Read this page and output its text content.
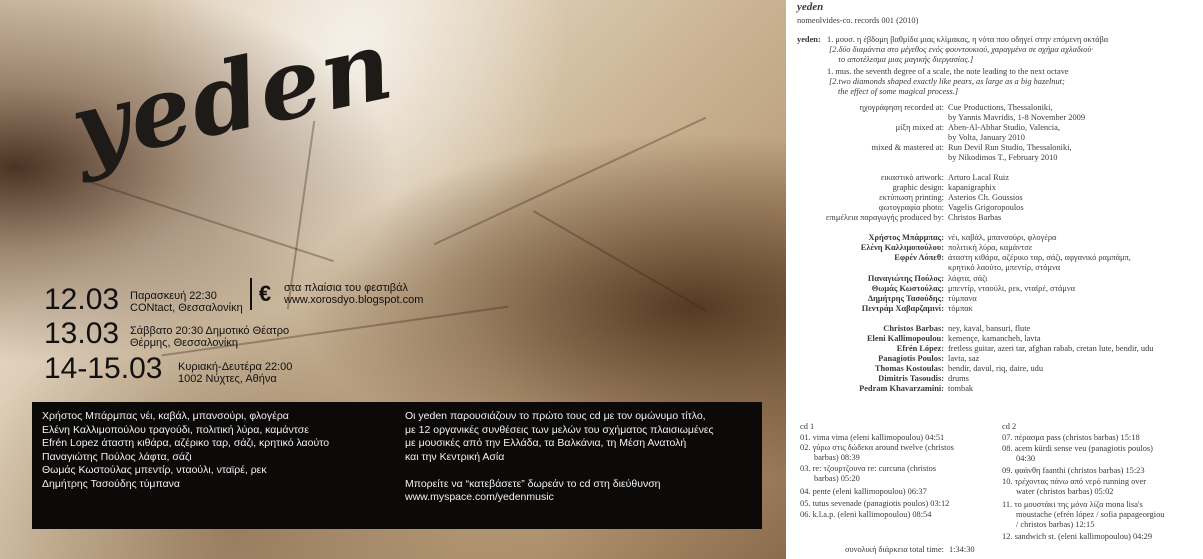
yeden
12.03 Παρασκευή 22:30
CONtact, Θεσσαλονίκη
13.03 Σάββατο 20:30 Δημοτικό Θέατρο
Θέρμης, Θεσσαλονίκη
14-15.03 Κυριακή-Δευτέρα 22:00
1002 Νύχτες, Αθήνα
€	στα πλαίσια του φεστιβάλ
www.xorosdyo.blogspot.com
Χρήστος Μπάρμπας νέι, καβάλ, μπανσούρι, φλογέρα
Ελένη Καλλιμοπούλου τραγούδι, πολιτική λύρα, καμάντσε
Efrén Lopez άταστη κιθάρα, αζέρικο ταρ, σάζι, κρητικό λαούτο
Παναγιώτης Πούλος λάφτα, σάζι
Θωμάς Κωστούλας μπεντίρ, νταούλι, νταϊρέ, ρεκ
Δημήτρης Τασούδης τύμπανα
Οι yeden παρουσιάζουν το πρώτο τους cd με τον ομώνυμο τίτλο,
με 12 οργανικές συνθέσεις των μελών του σχήματος πλαισιωμένες
με μουσικές από την Ελλάδα, τα Βαλκάνια, τη Μέση Ανατολή
και την Κεντρική Ασία
Μπορείτε να “κατεβάσετε” δωρεάν το cd στη διεύθυνση
www.myspace.com/yedenmusic
yeden
nomeolvides-co. records 001 (2010)
yeden: 1. μουσ. η έβδομη βαθμίδα μιας κλίμακας, η νότα που οδηγεί στην επόμενη οκτάβα
[2.δύο διαμάντια στο μέγεθος ενός φουντουκιού, χαραγμένα σε σχήμα αχλαδιού·
το αποτέλεσμα μιας μαγικής διεργασίας.]
1. mus. the seventh degree of a scale, the note leading to the next octave
[2.two diamonds shaped exactly like pears, as large as a big hazelnut;
the effect of some magical process.]
ηχογράφηση recorded at: Cue Productions, Thessaloniki,
by Yannis Mavridis, 1-8 November 2009
μίξη mixed at: Aben-Al-Abbar Studio, Valencia,
by Volta, January 2010
mixed & mastered at: Run Devil Run Studio, Thessaloniki,
by Nikodimos T., February 2010
εικαστικό artwork: Arturo Lacal Ruiz
graphic design: kapanigraphix
εκτύπωση printing: Asterios Ch. Goussios
φωτογραφία photo: Vagelis Grigoropoulos
επιμέλεια παραγωγής produced by: Christos Barbas
Χρήστος Μπάρμπας: νέι, καβάλ, μπανσούρι, φλογέρα
Ελένη Καλλιμοπούλου: πολιτική λύρα, καμάντσε
Εφρέν Λόπεθ: άταστη κιθάρα, αζέρικο ταρ, σάζι, αφγανικό ραμπάμπ,
κρητικό λαούτο, μπεντίρ, στάμνα
Παναγιώτης Πούλος: λάφτα, σάζι
Θωμάς Κωστούλας: μπεντίρ, νταούλι, ρεκ, νταϊρέ, στάμνα
Δημήτρης Τασούδης: τύμπανα
Πεντράμ Χαβαρζαμινί: τόμπακ
Christos Barbas: ney, kaval, bansuri, flute
Eleni Kallimopoulou: kemençe, kamancheh, lavta
Efrén López: fretless guitar, azeri tar, afghan rabab, cretan lute, bendir, udu
Panagiotis Poulos: lavta, saz
Thomas Kostoulas: bendir, davul, riq, daire, udu
Dimitris Tasoudis: drums
Pedram Khavarzamini: tombak
cd 1
01. vima vima (eleni kallimopoulou) 04:51
02. γύρω στις δώδεκα around twelve (christos
barbas) 08:39
03. re: τζουρτζουνα re: curcuna (christos
barbas) 05:20
04. pente (eleni kallimopoulou) 06:37
05. tutus sevenade (panagiotis poulos) 03:12
06. k.l.a.p. (eleni kallimopoulou) 08:54
cd 2
07. πέρασμα pass (christos barbas) 15:18
08. acem kürdi sense veu (panagiotis poulos)
04:30
09. φαάνθη faanthi (christos barbas) 15:23
10. τρέχοντας πάνω από νερό running over
water (christos barbas) 05:02
11. το μουστάκι της μόνα λίζα mona lisa's
moustache (efrén lópez / sofia papageorgiou
/ christos barbas) 12:15
12. sandwich st. (eleni kallimopoulou) 04:29
συνολική διάρκεια total time: 1:34:30
